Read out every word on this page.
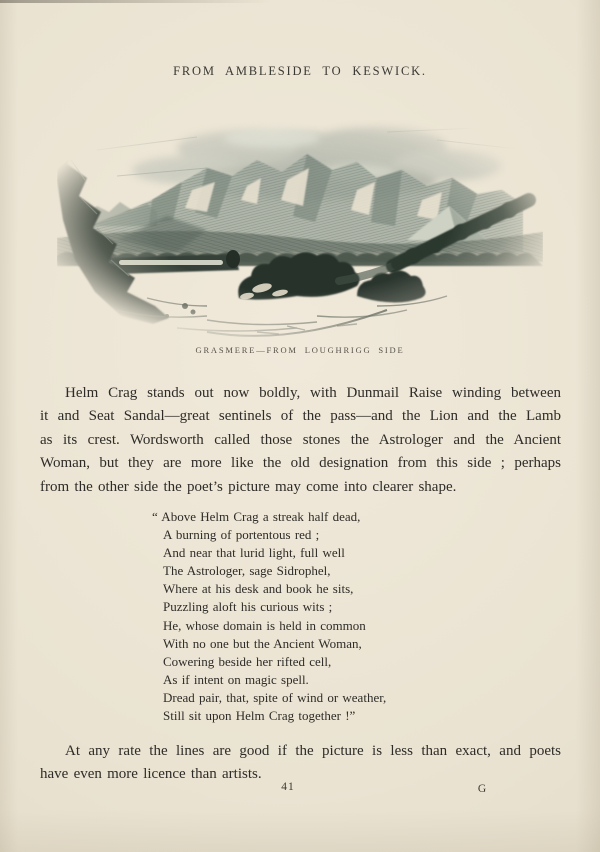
FROM AMBLESIDE TO KESWICK.
GRASMERE—FROM LOUGHRIGG SIDE
Helm Crag stands out now boldly, with Dunmail Raise winding between
it and Seat Sandal—great sentinels of the pass—and the Lion and the Lamb
as its crest. Wordsworth called those stones the Astrologer and the Ancient
Woman, but they are more like the old designation from this side ; perhaps
from the other side the poet’s picture may come into clearer shape.
“ Above Helm Crag a streak half dead,
A burning of portentous red ;
And near that lurid light, full well
The Astrologer, sage Sidrophel,
Where at his desk and book he sits,
Puzzling aloft his curious wits ;
He, whose domain is held in common
With no one but the Ancient Woman,
Cowering beside her rifted cell,
As if intent on magic spell.
Dread pair, that, spite of wind or weather,
Still sit upon Helm Crag together !”
At any rate the lines are good if the picture is less than exact, and poets
have even more licence than artists.
41	G
